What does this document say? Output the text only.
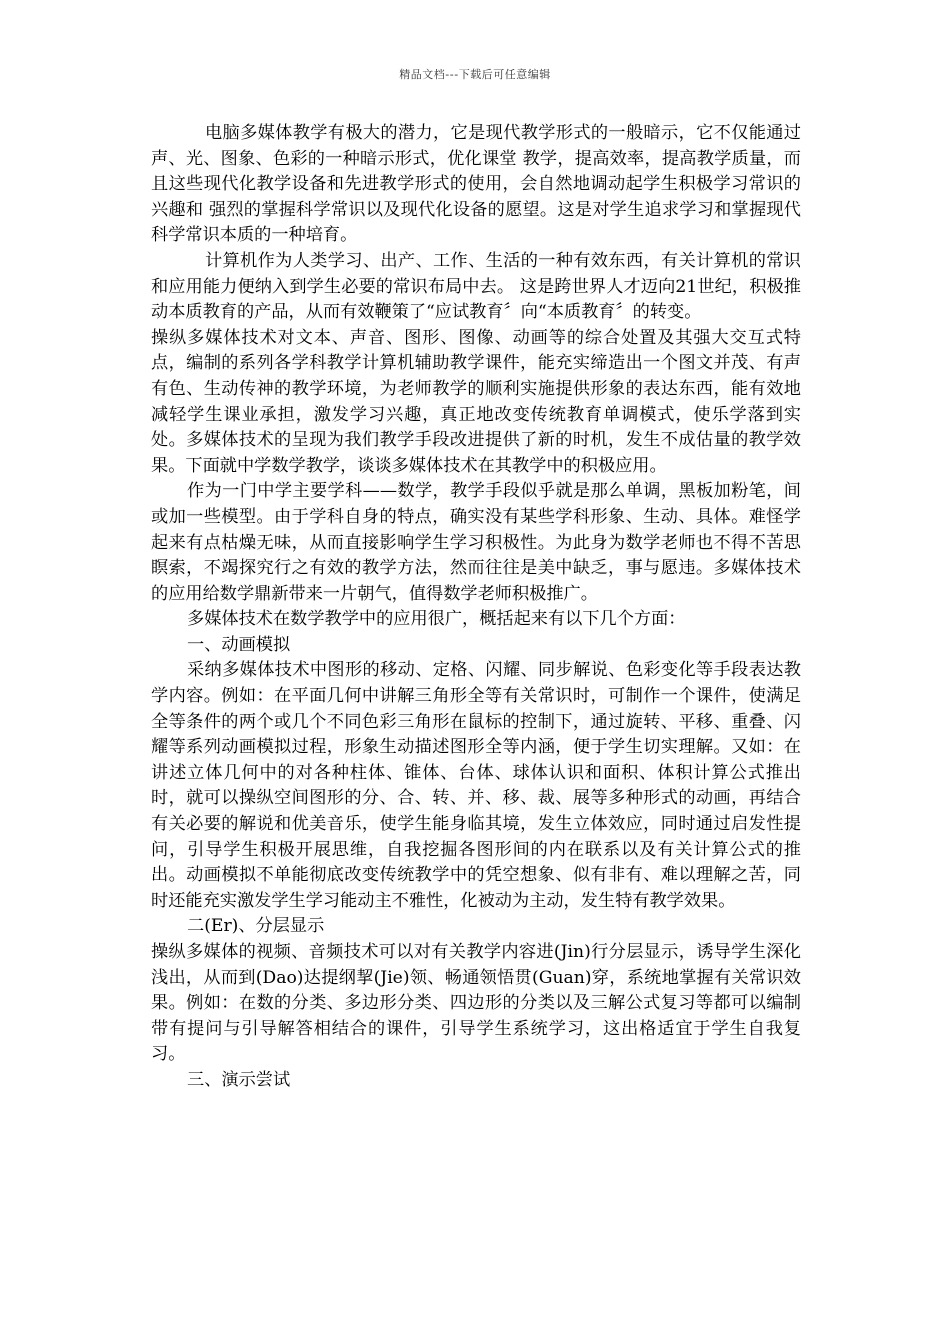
精品文档---下载后可任意编辑

电脑多媒体教学有极大的潜力，它是现代教学形式的一般暗示，它不仅能通过声、光、图象、色彩的一种暗示形式，优化课堂 教学，提高效率，提高教学质量，而且这些现代化教学设备和先进教学形式的使用，会自然地调动起学生积极学习常识的兴趣和 强烈的掌握科学常识以及现代化设备的愿望。这是对学生追求学习和掌握现代科学常识本质的一种培育。

计算机作为人类学习、出产、工作、生活的一种有效东西，有关计算机的常识和应用能力便纳入到学生必要的常识布局中去。 这是跨世界人才迈向21世纪，积极推动本质教育的产品，从而有效鞭策了“应试教育〞向“本质教育〞的转变。

操纵多媒体技术对文本、声音、图形、图像、动画等的综合处置及其强大交互式特点，编制的系列各学科教学计算机辅助教学课件，能充实缔造出一个图文并茂、有声有色、生动传神的教学环境，为老师教学的顺利实施提供形象的表达东西，能有效地减轻学生课业承担，激发学习兴趣，真正地改变传统教育单调模式，使乐学落到实处。多媒体技术的呈现为我们教学手段改进提供了新的时机，发生不成估量的教学效果。下面就中学数学教学，谈谈多媒体技术在其教学中的积极应用。

作为一门中学主要学科——数学，教学手段似乎就是那么单调，黑板加粉笔，间或加一些模型。由于学科自身的特点，确实没有某些学科形象、生动、具体。难怪学起来有点枯燥无味，从而直接影响学生学习积极性。为此身为数学老师也不得不苦思瞑索，不竭探究行之有效的教学方法，然而往往是美中缺乏，事与愿违。多媒体技术的应用给数学鼎新带来一片朝气，值得数学老师积极推广。

多媒体技术在数学教学中的应用很广，概括起来有以下几个方面：

一、动画模拟

采纳多媒体技术中图形的移动、定格、闪耀、同步解说、色彩变化等手段表达教学内容。例如：在平面几何中讲解三角形全等有关常识时，可制作一个课件，使满足全等条件的两个或几个不同色彩三角形在鼠标的控制下，通过旋转、平移、重叠、闪耀等系列动画模拟过程，形象生动描述图形全等内涵，便于学生切实理解。又如：在讲述立体几何中的对各种柱体、锥体、台体、球体认识和面积、体积计算公式推出时，就可以操纵空间图形的分、合、转、并、移、裁、展等多种形式的动画，再结合有关必要的解说和优美音乐，使学生能身临其境，发生立体效应，同时通过启发性提问，引导学生积极开展思维，自我挖掘各图形间的内在联系以及有关计算公式的推出。动画模拟不单能彻底改变传统教学中的凭空想象、似有非有、难以理解之苦，同时还能充实激发学生学习能动主不雅性，化被动为主动，发生特有教学效果。

二(Er)、分层显示

操纵多媒体的视频、音频技术可以对有关教学内容进(Jin)行分层显示，诱导学生深化浅出，从而到(Dao)达提纲挈(Jie)领、畅通领悟贯(Guan)穿，系统地掌握有关常识效果。例如：在数的分类、多边形分类、四边形的分类以及三解公式复习等都可以编制带有提问与引导解答相结合的课件，引导学生系统学习，这出格适宜于学生自我复习。

三、演示尝试
